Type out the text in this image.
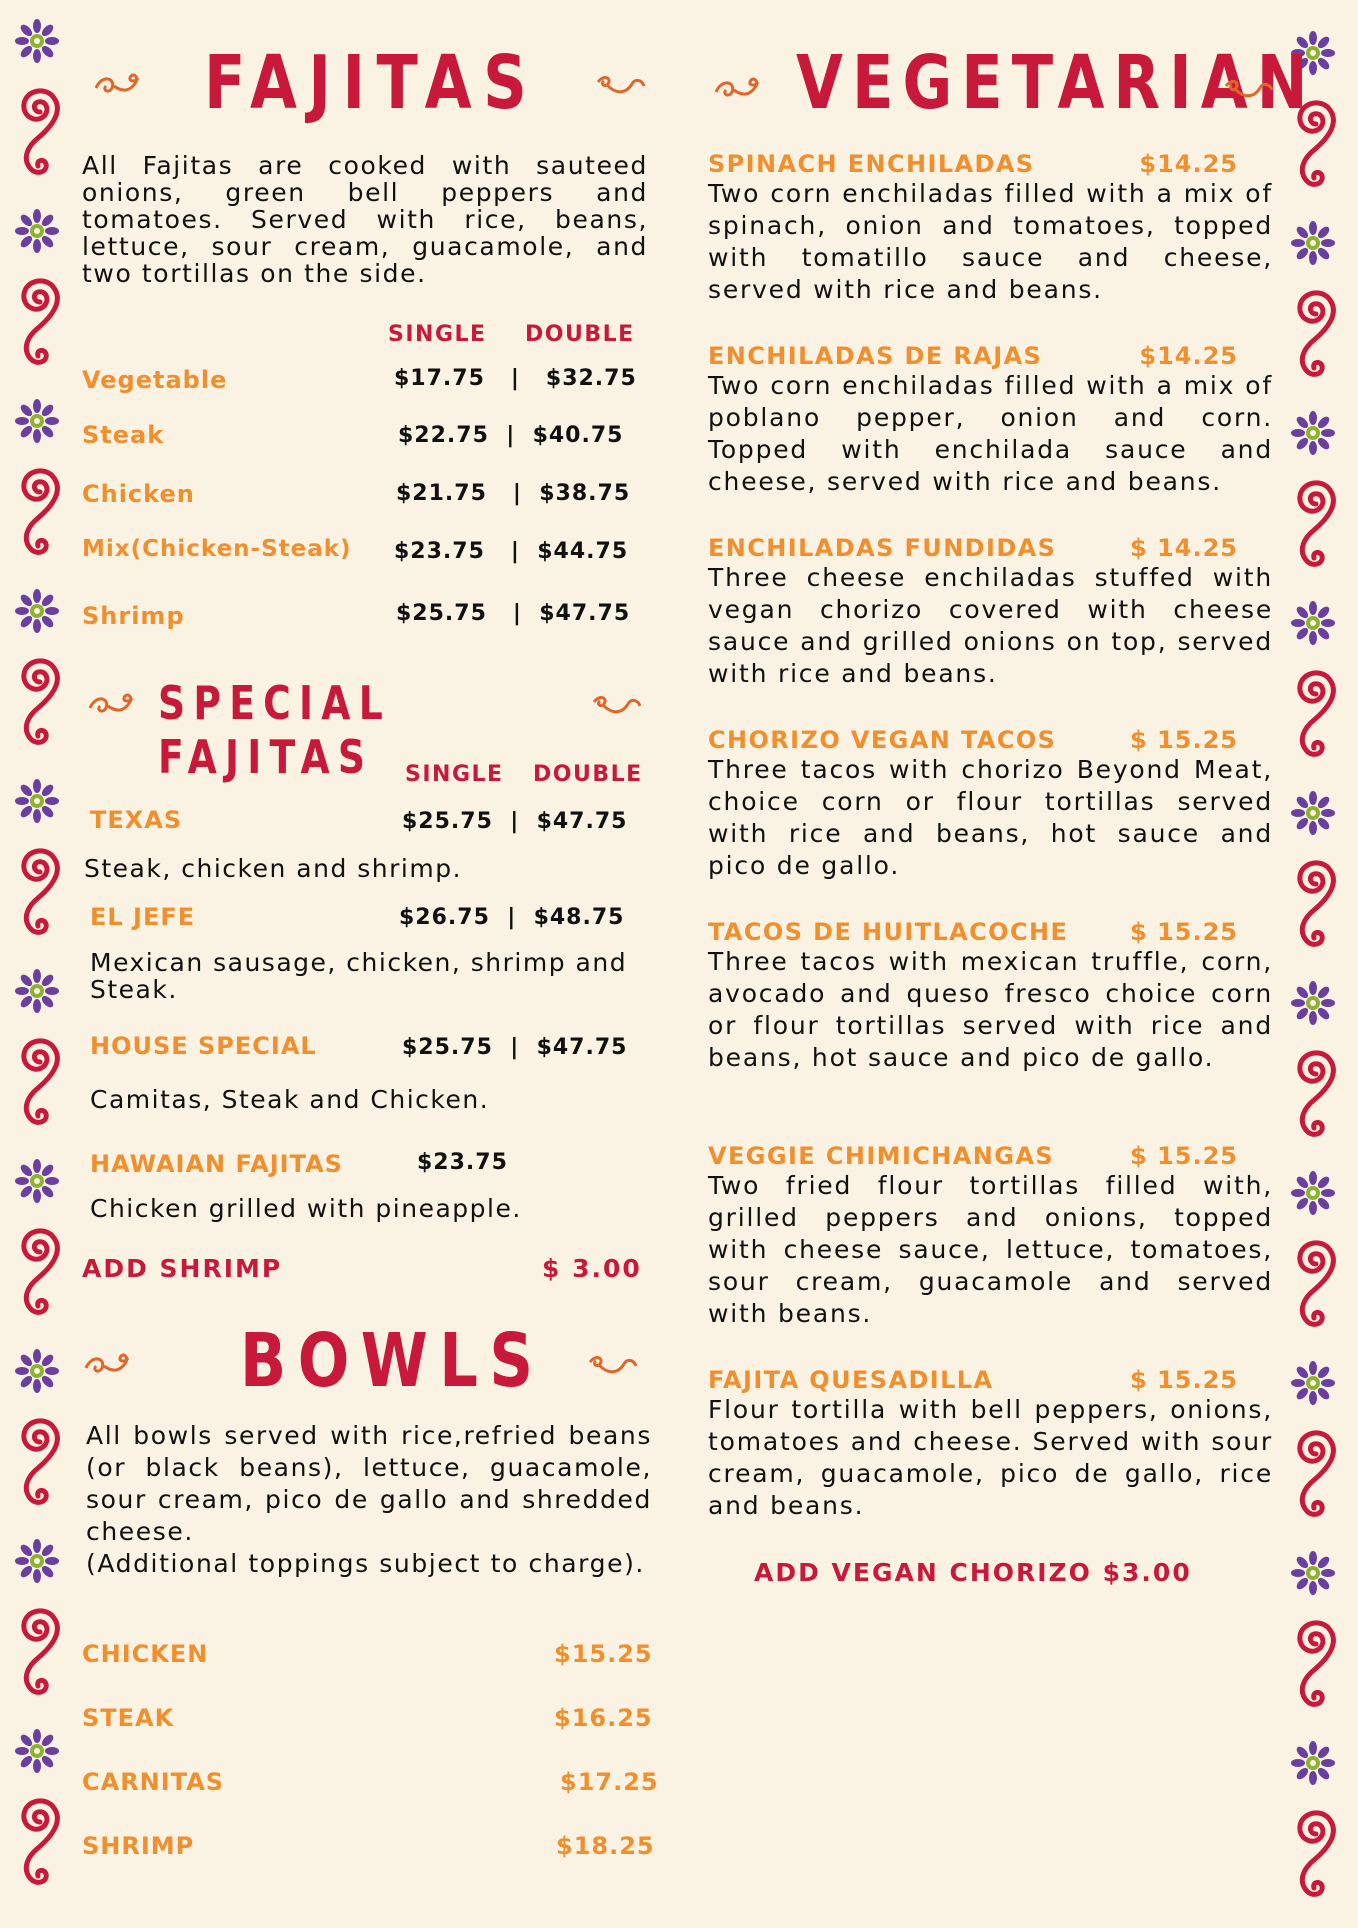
FAJITAS
All Fajitas are cooked with sauteed onions, green bell peppers and tomatoes. Served with rice, beans, lettuce, sour cream, guacamole, and two tortillas on the side.
SINGLE DOUBLE
Vegetable	$17.75   |   $32.75
Steak	$22.75  |  $40.75
Chicken	$21.75   |  $38.75
Mix(Chicken-Steak) $23.75   |  $44.75
Shrimp	$25.75   |  $47.75
SPECIAL FAJITAS	SINGLE DOUBLE
TEXAS	$25.75  |  $47.75
Steak, chicken and shrimp.
EL JEFE	$26.75  |  $48.75
Mexican sausage, chicken, shrimp and Steak.
HOUSE SPECIAL	$25.75  |  $47.75
Camitas, Steak and Chicken.
HAWAIAN FAJITAS	$23.75
Chicken grilled with pineapple.
ADD SHRIMP	$ 3.00
BOWLS
All bowls served with rice,refried beans (or black beans), lettuce, guacamole, sour cream, pico de gallo and shredded cheese.
(Additional toppings subject to charge).
CHICKEN	$15.25
STEAK	$16.25
CARNITAS	$17.25
SHRIMP	$18.25
VEGETARIAN
SPINACH ENCHILADAS	$14.25
Two corn enchiladas filled with a mix of spinach, onion and tomatoes, topped with tomatillo sauce and cheese, served with rice and beans.
ENCHILADAS DE RAJAS	$14.25
Two corn enchiladas filled with a mix of poblano pepper, onion and corn. Topped with enchilada sauce and cheese, served with rice and beans.
ENCHILADAS FUNDIDAS	$ 14.25
Three cheese enchiladas stuffed with vegan chorizo covered with cheese sauce and grilled onions on top, served with rice and beans.
CHORIZO VEGAN TACOS	$ 15.25
Three tacos with chorizo Beyond Meat, choice corn or flour tortillas served with rice and beans, hot sauce and pico de gallo.
TACOS DE HUITLACOCHE	$ 15.25
Three tacos with mexican truffle, corn, avocado and queso fresco choice corn or flour tortillas served with rice and beans, hot sauce and pico de gallo.
VEGGIE CHIMICHANGAS	$ 15.25
Two fried flour tortillas filled with, grilled peppers and onions, topped with cheese sauce, lettuce, tomatoes, sour cream, guacamole and served with beans.
FAJITA QUESADILLA	$ 15.25
Flour tortilla with bell peppers, onions, tomatoes and cheese. Served with sour cream, guacamole, pico de gallo, rice and beans.
ADD VEGAN CHORIZO $3.00
